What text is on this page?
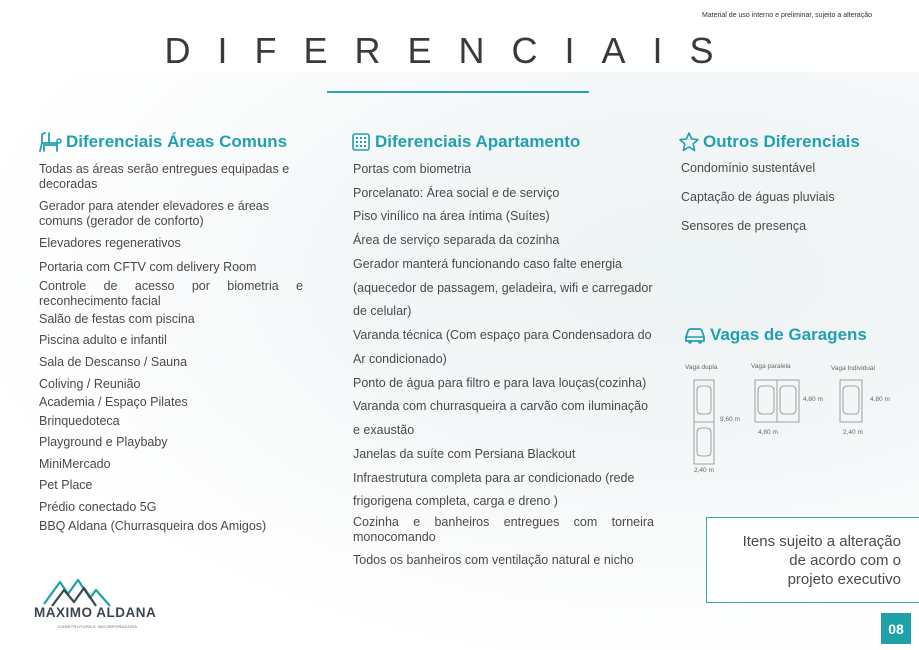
Material de uso interno e preliminar, sujeito a alteração
DIFERENCIAIS
Diferenciais Áreas Comuns
Todas as áreas serão entregues equipadas e decoradas
Gerador para atender elevadores e áreas comuns (gerador de conforto)
Elevadores regenerativos
Portaria com CFTV com delivery Room
Controle de acesso por biometria e reconhecimento facial
Salão de festas com piscina
Piscina adulto e infantil
Sala de Descanso / Sauna
Coliving / Reunião
Academia / Espaço Pilates
Brinquedoteca
Playground e Playbaby
MiniMercado
Pet Place
Prédio conectado 5G
BBQ Aldana (Churrasqueira dos Amigos)
Diferenciais Apartamento
Portas com biometria
Porcelanato: Área social e de serviço
Piso vinílico na área íntima (Suítes)
Área de serviço separada da cozinha
Gerador manterá funcionando caso falte energia
(aquecedor de passagem, geladeira, wifi e carregador
de celular)
Varanda técnica (Com espaço para Condensadora do
Ar condicionado)
Ponto de água para filtro e para lava louças(cozinha)
Varanda com churrasqueira a carvão com iluminação
e exaustão
Janelas da suíte com Persiana Blackout
Infraestrutura completa para ar condicionado (rede
frigorigena completa, carga e dreno )
Cozinha e banheiros entregues com torneira monocomando
Todos os banheiros com ventilação natural e nicho
Outros Diferenciais
Condomínio sustentável
Captação de águas pluviais
Sensores de presença
Vagas de Garagens
Vaga dupla	Vaga paralela	Vaga Individual
9,60 m
2,40 m
4,80 m
4,80 m
4,80 m
2,40 m
Itens sujeito a alteração
de acordo com o
projeto executivo
08
MAXIMO ALDANA
CONSTRUTORA E INCORPORADORA
